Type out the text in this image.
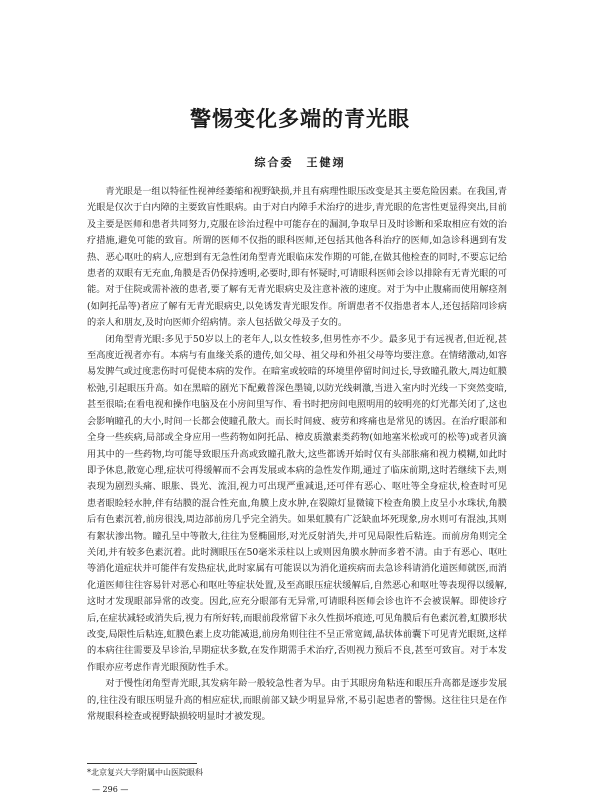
警惕变化多端的青光眼
综合委　王健翊

青光眼是一组以特征性视神经萎缩和视野缺损,并且有病理性眼压改变是其主要危险因素。在我国,青光眼是仅次于白内障的主要致盲性眼病。由于对白内障手术治疗的进步,青光眼的危害性更显得突出,目前及主要是医师和患者共同努力,克服在诊治过程中可能存在的漏洞,争取早日及时诊断和采取相应有效的治疗措施,避免可能的致盲。所谓的医师不仅指的眼科医师,还包括其他各科治疗的医师,如急诊科遇到有发热、恶心呕吐的病人,应想到有无急性闭角型青光眼临床发作期的可能,在做其他检查的同时,不要忘记给患者的双眼有无充血,角膜是否仍保持透明,必要时,即有怀疑时,可请眼科医师会诊以排除有无青光眼的可能。对于住院或需补液的患者,要了解有无青光眼病史及注意补液的速度。对于为中止腹痛而使用解痉剂(如阿托品等)者应了解有无青光眼病史,以免诱发青光眼发作。所谓患者不仅指患者本人,还包括陪同诊病的亲人和朋友,及时向医师介绍病情。亲人包括做父母及子女的。

闭角型青光眼:多见于50岁以上的老年人,以女性较多,但男性亦不少。最多见于有远视者,但近视,甚至高度近视者亦有。本病与有血缘关系的遗传,如父母、祖父母和外祖父母等均要注意。在情绪激动,如容易发脾气或过度悲伤时可促使本病的发作。在暗室或较暗的环境里停留时间过长,导致瞳孔散大,周边虹膜松弛,引起眼压升高。如在黑暗的剧光下配戴普深色墨镜,以防光线刺激,当进入室内时光线一下突然变暗,甚至很暗;在看电视和操作电脑及在小房间里写作、看书时把房间电照明用的较明亮的灯光都关闭了,这也会影响瞳孔的大小,时间一长都会使瞳孔散大。而长时间疲、疲劳和疼痛也是常见的诱因。在治疗眼部和全身一些疾病,局部或全身应用一些药物如阿托品、樟皮质激素类药物(如地塞米松或可的松等)或者贝滴用其中的一些药物,均可能导致眼压升高或致瞳孔散大,这些都诱开始时仅有头部胀痛和视力模糊,如此时即予休息,散宽心理,症状可得缓解而不会再发展或本病的急性发作期,通过了临床前期,这时若继续下去,则表现为剧烈头痛、眼胀、畏光、流泪,视力可出现严重减退,还可伴有恶心、呕吐等全身症状,检查时可见患者眼睑轻水肿,伴有结膜的混合性充血,角膜上皮水肿,在裂隙灯显微镜下检查角膜上皮呈小水珠状,角膜后有色素沉着,前房很浅,周边部前房几乎完全消失。如果虹膜有广泛缺血坏死现象,房水则可有混浊,其则有絮状渗出物。瞳孔呈中等散大,往往为竖椭圆形,对光反射消失,并可见局限性后粘连。而前房角则完全关闭,并有较多色素沉着。此时测眼压在50毫米汞柱以上或则因角膜水肿而多着不清。由于有恶心、呕吐等消化道症状并可能伴有发热症状,此时家属有可能误以为消化道疾病而去急诊科请消化道医师就医,而消化道医师往往容易针对恶心和呕吐等症状处置,及至高眼压症状缓解后,自然恶心和呕吐等表现得以缓解,这时才发现眼部异常的改变。因此,应充分眼部有无异常,可请眼科医师会诊也许不会被误解。即使诊疗后,在症状减轻或消失后,视力有所好转,而眼前段常留下永久性损坏痕迹,可见角膜后有色素沉着,虹膜形状改变,局限性后粘连,虹膜色素上皮功能减退,前房角则往往不呈正常宽阔,晶状体前囊下可见青光眼斑,这样的本病往往需要及早诊治,早期症状多数,在发作期需手术治疗,否则视力预后不良,甚至可致盲。对于本发作眼亦应考虑作青光眼预防性手术。

对于慢性闭角型青光眼,其发病年龄一般较急性者为早。由于其眼房角粘连和眼压升高都是逐步发展的,往往没有眼压明显升高的相应症状,而眼前部又缺少明显异常,不易引起患者的警惕。这往往只是在作常规眼科检查或视野缺损较明显时才被发现。

*北京复兴大学附属中山医院眼科
— 296 —
